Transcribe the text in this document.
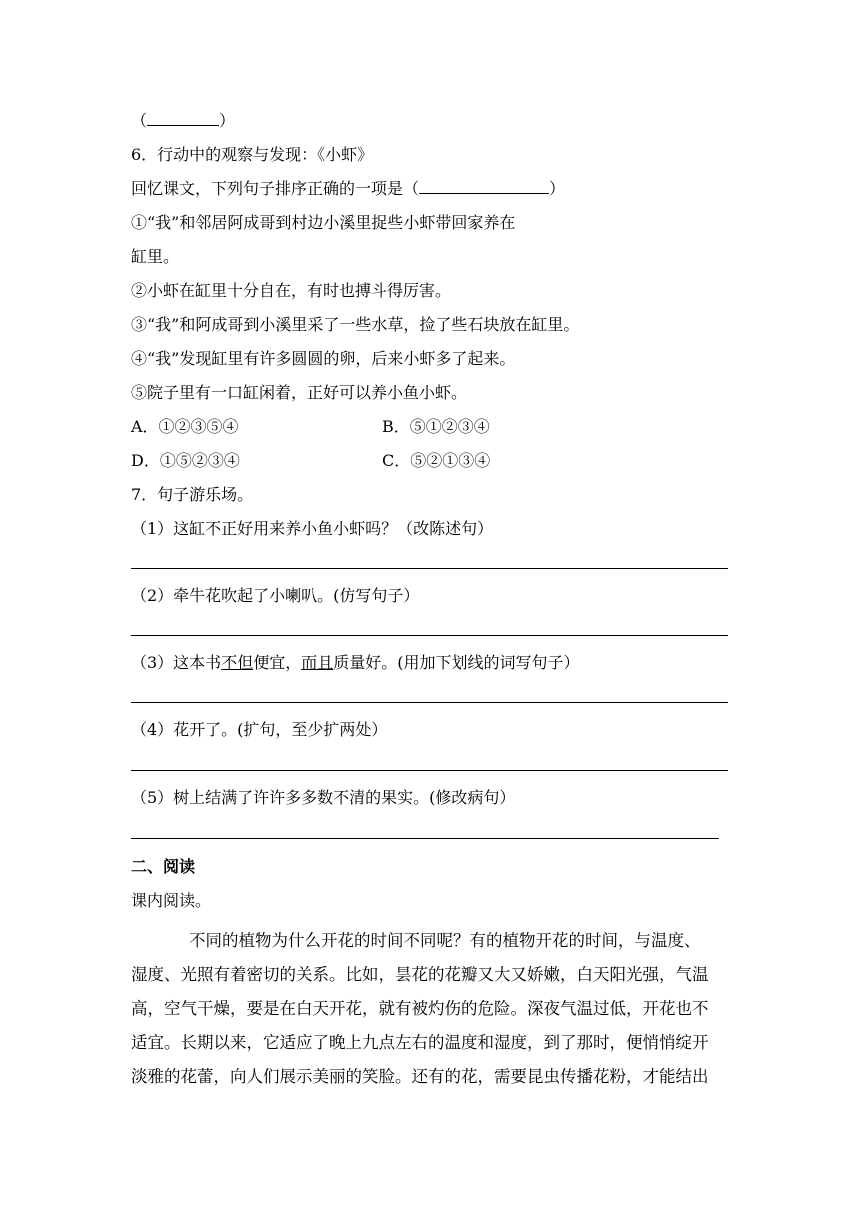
（	）
6．行动中的观察与发现：《小虾》
回忆课文，下列句子排序正确的一项是（	）
①“我”和邻居阿成哥到村边小溪里捉些小虾带回家养在
缸里。
②小虾在缸里十分自在，有时也搏斗得厉害。
③“我”和阿成哥到小溪里采了一些水草，捡了些石块放在缸里。
④“我”发现缸里有许多圆圆的卵，后来小虾多了起来。
⑤院子里有一口缸闲着，正好可以养小鱼小虾。
A．①②③⑤④	B．⑤①②③④
D．①⑤②③④	C．⑤②①③④
7．句子游乐场。
（1）这缸不正好用来养小鱼小虾吗？（改陈述句）
（2）牵牛花吹起了小喇叭。(仿写句子）
（3）这本书不但便宜，而且质量好。(用加下划线的词写句子）
（4）花开了。(扩句，至少扩两处）
（5）树上结满了许许多多数不清的果实。(修改病句）
二、阅读
课内阅读。
不同的植物为什么开花的时间不同呢？有的植物开花的时间，与温度、
湿度、光照有着密切的关系。比如，昙花的花瓣又大又娇嫩，白天阳光强，气温
高，空气干燥，要是在白天开花，就有被灼伤的危险。深夜气温过低，开花也不
适宜。长期以来，它适应了晚上九点左右的温度和湿度，到了那时，便悄悄绽开
淡雅的花蕾，向人们展示美丽的笑脸。还有的花，需要昆虫传播花粉，才能结出
